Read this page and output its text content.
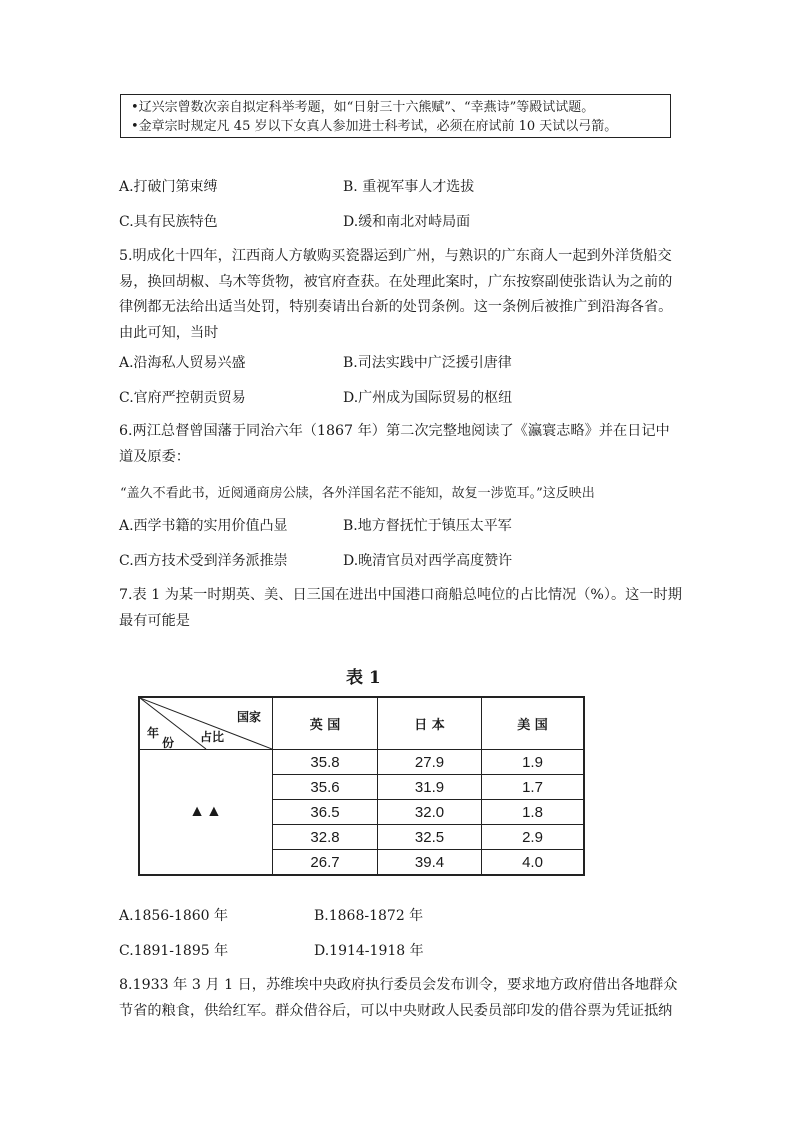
•辽兴宗曾数次亲自拟定科举考题，如“日射三十六熊赋”、“幸燕诗”等殿试试题。
•金章宗时规定凡 45 岁以下女真人参加进士科考试，必须在府试前 10 天试以弓箭。
A.打破门第束缚	B. 重视军事人才选拔
C.具有民族特色	D.缓和南北对峙局面
5.明成化十四年，江西商人方敏购买瓷器运到广州，与熟识的广东商人一起到外洋货船交
易，换回胡椒、乌木等货物，被官府查获。在处理此案时，广东按察副使张诰认为之前的
律例都无法给出适当处罚，特别奏请出台新的处罚条例。这一条例后被推广到沿海各省。
由此可知，当时
A.沿海私人贸易兴盛	B.司法实践中广泛援引唐律
C.官府严控朝贡贸易	D.广州成为国际贸易的枢纽
6.两江总督曾国藩于同治六年（1867 年）第二次完整地阅读了《瀛寰志略》并在日记中
道及原委：
“盖久不看此书，近阅通商房公牍，各外洋国名茫不能知，故复一涉览耳。”这反映出
A.西学书籍的实用价值凸显	B.地方督抚忙于镇压太平军
C.西方技术受到洋务派推崇	D.晚清官员对西学高度赞许
7.表 1 为某一时期英、美、日三国在进出中国港口商船总吨位的占比情况（%）。这一时期
最有可能是
表 1
国家
年
份 占比	英 国	日 本	美 国
▲▲	35.8	27.9	1.9
	35.6	31.9	1.7
	36.5	32.0	1.8
	32.8	32.5	2.9
	26.7	39.4	4.0
A.1856-1860 年	B.1868-1872 年
C.1891-1895 年	D.1914-1918 年
8.1933 年 3 月 1 日，苏维埃中央政府执行委员会发布训令，要求地方政府借出各地群众
节省的粮食，供给红军。群众借谷后，可以中央财政人民委员部印发的借谷票为凭证抵纳
